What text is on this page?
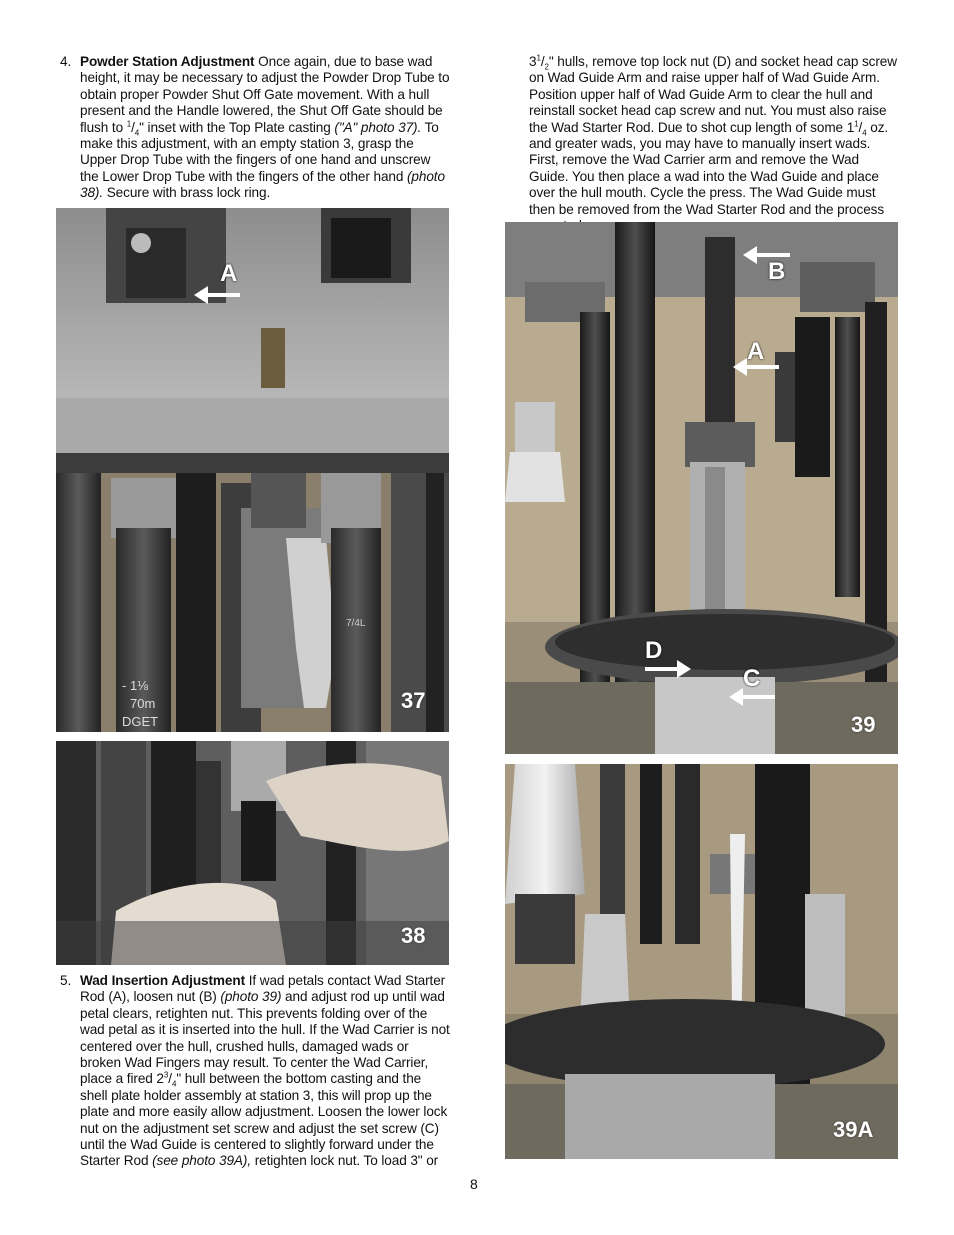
4. Powder Station Adjustment Once again, due to base wad height, it may be necessary to adjust the Powder Drop Tube to obtain proper Powder Shut Off Gate movement. With a hull present and the Handle lowered, the Shut Off Gate should be flush to $^1/_4$" inset with the Top Plate casting ("A" photo 37). To make this adjustment, with an empty station 3, grasp the Upper Drop Tube with the fingers of one hand and unscrew the Lower Drop Tube with the fingers of the other hand (photo 38). Secure with brass lock ring.
$3^1/_2$" hulls, remove top lock nut (D) and socket head cap screw on Wad Guide Arm and raise upper half of Wad Guide Arm. Position upper half of Wad Guide Arm to clear the hull and reinstall socket head cap screw and nut. You must also raise the Wad Starter Rod. Due to shot cup length of some $1^1/_4$ oz. and greater wads, you may have to manually insert wads. First, remove the Wad Carrier arm and remove the Wad Guide. You then place a wad into the Wad Guide and place over the hull mouth. Cycle the press. The Wad Guide must then be removed from the Wad Starter Rod and the process
- 1⅛
70m
DGET
7/4L
A
37
38
B
A
D
C
39
39A
5. Wad Insertion Adjustment If wad petals contact Wad Starter Rod (A), loosen nut (B) (photo 39) and adjust rod up until wad petal clears, retighten nut. This prevents folding over of the wad petal as it is inserted into the hull. If the Wad Carrier is not centered over the hull, crushed hulls, damaged wads or broken Wad Fingers may result. To center the Wad Carrier, place a fired $2^3/_4$" hull between the bottom casting and the shell plate holder assembly at station 3, this will prop up the plate and more easily allow adjustment. Loosen the lower lock nut on the adjustment set screw and adjust the set screw (C) until the Wad Guide is centered to slightly forward under the Starter Rod (see photo 39A), retighten lock nut. To load 3" or
8
